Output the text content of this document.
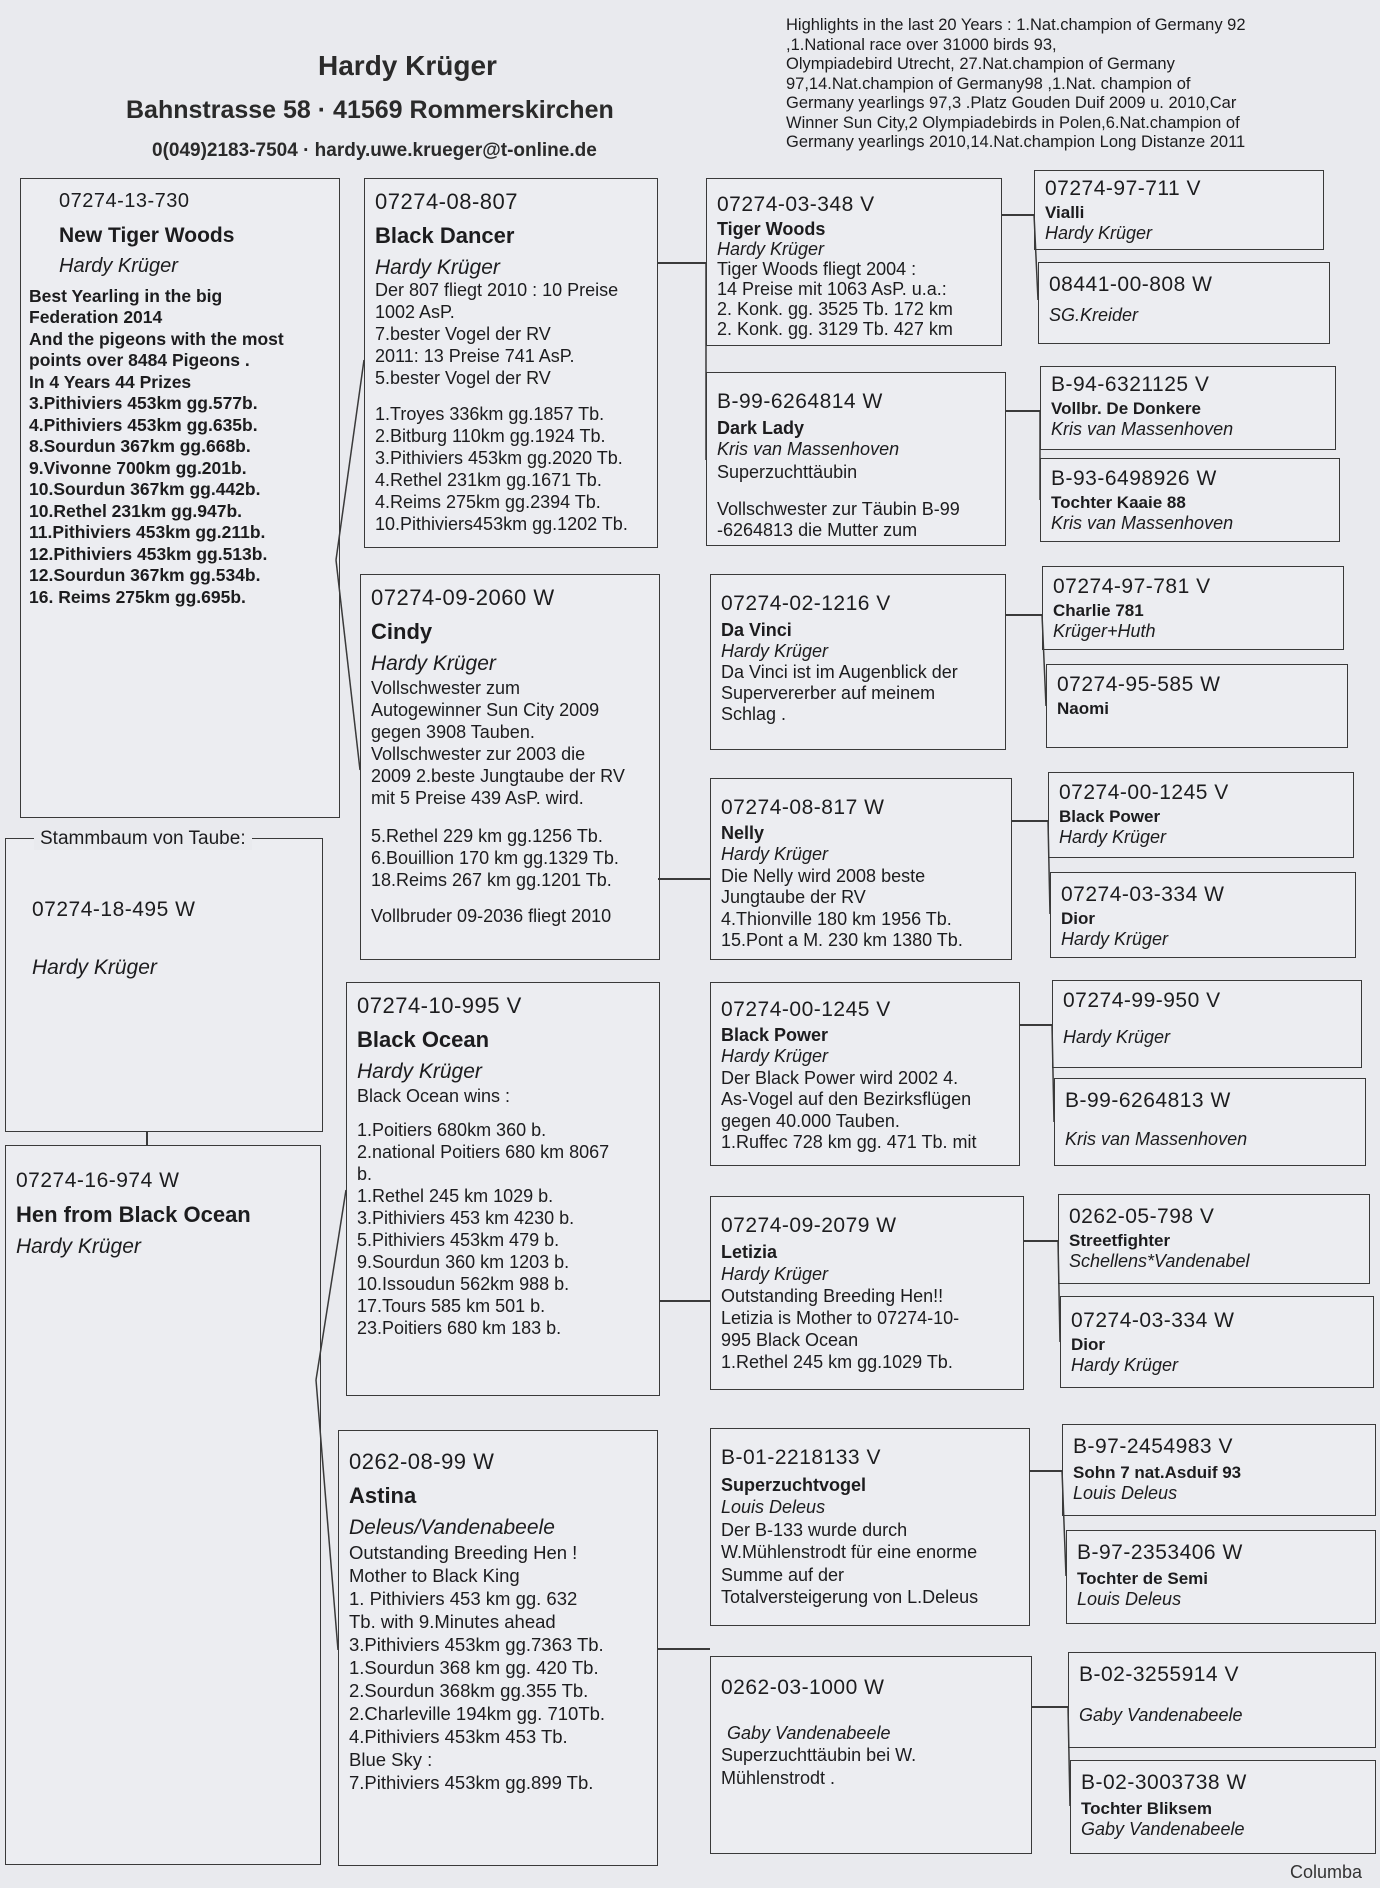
Hardy Krüger
Bahnstrasse 58 · 41569 Rommerskirchen
0(049)2183-7504 · hardy.uwe.krueger@t-online.de
Highlights in the last 20 Years : 1.Nat.champion of Germany 92
,1.National race over 31000 birds 93,
Olympiadebird Utrecht, 27.Nat.champion of Germany
97,14.Nat.champion of Germany98 ,1.Nat. champion of
Germany yearlings 97,3 .Platz Gouden Duif 2009 u. 2010,Car
Winner Sun City,2 Olympiadebirds in Polen,6.Nat.champion of
Germany yearlings 2010,14.Nat.champion Long Distanze 2011
07274-13-730
New Tiger Woods
Hardy Krüger
Best Yearling in the big
Federation 2014
And the pigeons with the most
points over 8484 Pigeons .
In 4 Years 44 Prizes
3.Pithiviers 453km gg.577b.
4.Pithiviers 453km gg.635b.
8.Sourdun 367km gg.668b.
9.Vivonne 700km gg.201b.
10.Sourdun 367km gg.442b.
10.Rethel 231km gg.947b.
11.Pithiviers 453km gg.211b.
12.Pithiviers 453km gg.513b.
12.Sourdun 367km gg.534b.
16. Reims 275km gg.695b.
07274-18-495 W
Hardy Krüger
Stammbaum von Taube:
07274-16-974 W
Hen from Black Ocean
Hardy Krüger
07274-08-807
Black Dancer
Hardy Krüger
Der 807 fliegt 2010 : 10 Preise
1002 AsP.
7.bester Vogel der RV
2011: 13 Preise 741 AsP.
5.bester Vogel der RV
1.Troyes 336km gg.1857 Tb.
2.Bitburg 110km gg.1924 Tb.
3.Pithiviers 453km gg.2020 Tb.
4.Rethel 231km gg.1671 Tb.
4.Reims 275km gg.2394 Tb.
10.Pithiviers453km gg.1202 Tb.
07274-09-2060 W
Cindy
Hardy Krüger
Vollschwester zum
Autogewinner Sun City 2009
gegen 3908 Tauben.
Vollschwester zur 2003 die
2009 2.beste Jungtaube der RV
mit 5 Preise 439 AsP. wird.
5.Rethel 229 km gg.1256 Tb.
6.Bouillion 170 km gg.1329 Tb.
18.Reims 267 km gg.1201 Tb.
Vollbruder 09-2036 fliegt 2010
07274-10-995 V
Black Ocean
Hardy Krüger
Black Ocean wins :
1.Poitiers 680km 360 b.
2.national Poitiers 680 km 8067
b.
1.Rethel 245 km 1029 b.
3.Pithiviers 453 km 4230 b.
5.Pithiviers 453km 479 b.
9.Sourdun 360 km 1203 b.
10.Issoudun 562km 988 b.
17.Tours 585 km 501 b.
23.Poitiers 680 km 183 b.
0262-08-99 W
Astina
Deleus/Vandenabeele
Outstanding Breeding Hen !
Mother to Black King
1. Pithiviers 453 km gg. 632
Tb. with 9.Minutes ahead
3.Pithiviers 453km gg.7363 Tb.
1.Sourdun 368 km gg. 420 Tb.
2.Sourdun 368km gg.355 Tb.
2.Charleville 194km gg. 710Tb.
4.Pithiviers 453km 453 Tb.
Blue Sky :
7.Pithiviers 453km gg.899 Tb.
07274-03-348 V
Tiger Woods
Hardy Krüger
Tiger Woods fliegt 2004 :
14 Preise mit 1063 AsP. u.a.:
2. Konk. gg. 3525 Tb. 172 km
2. Konk. gg. 3129 Tb. 427 km
B-99-6264814 W
Dark Lady
Kris van Massenhoven
Superzuchttäubin
Vollschwester zur Täubin B-99
-6264813 die Mutter zum
07274-02-1216 V
Da Vinci
Hardy Krüger
Da Vinci ist im Augenblick der
Supervererber auf meinem
Schlag .
07274-08-817 W
Nelly
Hardy Krüger
Die Nelly wird 2008 beste
Jungtaube der RV
4.Thionville 180 km 1956 Tb.
15.Pont a M. 230 km 1380 Tb.
07274-00-1245 V
Black Power
Hardy Krüger
Der Black Power wird 2002 4.
As-Vogel auf den Bezirksflügen
gegen 40.000 Tauben.
1.Ruffec 728 km gg. 471 Tb. mit
07274-09-2079 W
Letizia
Hardy Krüger
Outstanding Breeding Hen!!
Letizia is Mother to 07274-10-
995 Black Ocean
1.Rethel 245 km gg.1029 Tb.
B-01-2218133 V
Superzuchtvogel
Louis Deleus
Der B-133 wurde durch
W.Mühlenstrodt für eine enorme
Summe auf der
Totalversteigerung von L.Deleus
0262-03-1000 W
Gaby Vandenabeele
Superzuchttäubin bei W.
Mühlenstrodt .
07274-97-711 V
Vialli
Hardy Krüger
08441-00-808 W
SG.Kreider
B-94-6321125 V
Vollbr. De Donkere
Kris van Massenhoven
B-93-6498926 W
Tochter Kaaie 88
Kris van Massenhoven
07274-97-781 V
Charlie 781
Krüger+Huth
07274-95-585 W
Naomi
07274-00-1245 V
Black Power
Hardy Krüger
07274-03-334 W
Dior
Hardy Krüger
07274-99-950 V
Hardy Krüger
B-99-6264813 W
Kris van Massenhoven
0262-05-798 V
Streetfighter
Schellens*Vandenabel
07274-03-334 W
Dior
Hardy Krüger
B-97-2454983 V
Sohn 7 nat.Asduif 93
Louis Deleus
B-97-2353406 W
Tochter de Semi
Louis Deleus
B-02-3255914 V
Gaby Vandenabeele
B-02-3003738 W
Tochter Bliksem
Gaby Vandenabeele
Columba
